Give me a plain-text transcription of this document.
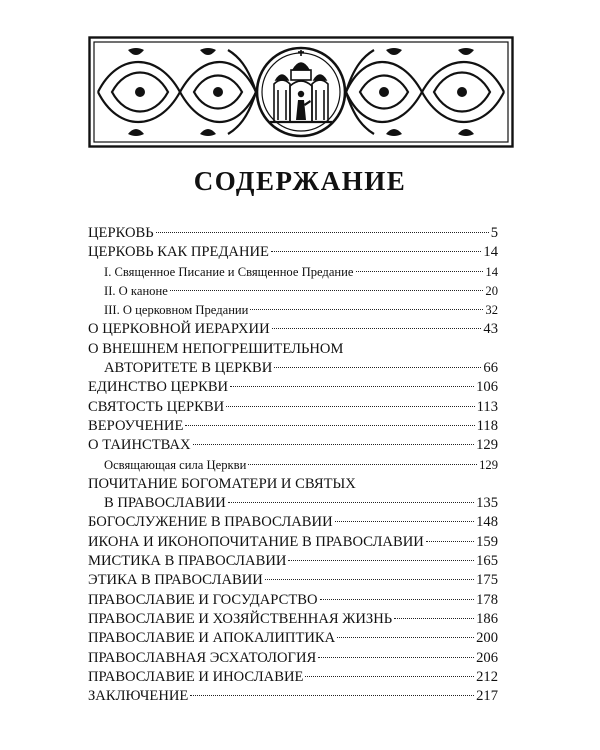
СОДЕРЖАНИЕ
ЦЕРКОВЬ	5
ЦЕРКОВЬ КАК ПРЕДАНИЕ	14
I. Священное Писание и Священное Предание	14
II. О каноне	20
III. О церковном Предании	32
О ЦЕРКОВНОЙ ИЕРАРХИИ	43
О ВНЕШНЕМ НЕПОГРЕШИТЕЛЬНОМ
АВТОРИТЕТЕ В ЦЕРКВИ	66
ЕДИНСТВО ЦЕРКВИ	106
СВЯТОСТЬ ЦЕРКВИ	113
ВЕРОУЧЕНИЕ	118
О ТАИНСТВАХ	129
Освящающая сила Церкви	129
ПОЧИТАНИЕ БОГОМАТЕРИ И СВЯТЫХ
В ПРАВОСЛАВИИ	135
БОГОСЛУЖЕНИЕ В ПРАВОСЛАВИИ	148
ИКОНА И ИКОНОПОЧИТАНИЕ В ПРАВОСЛАВИИ	159
МИСТИКА В ПРАВОСЛАВИИ	165
ЭТИКА В ПРАВОСЛАВИИ	175
ПРАВОСЛАВИЕ И ГОСУДАРСТВО	178
ПРАВОСЛАВИЕ И ХОЗЯЙСТВЕННАЯ ЖИЗНЬ	186
ПРАВОСЛАВИЕ И АПОКАЛИПТИКА	200
ПРАВОСЛАВНАЯ ЭСХАТОЛОГИЯ	206
ПРАВОСЛАВИЕ И ИНОСЛАВИЕ	212
ЗАКЛЮЧЕНИЕ	217
